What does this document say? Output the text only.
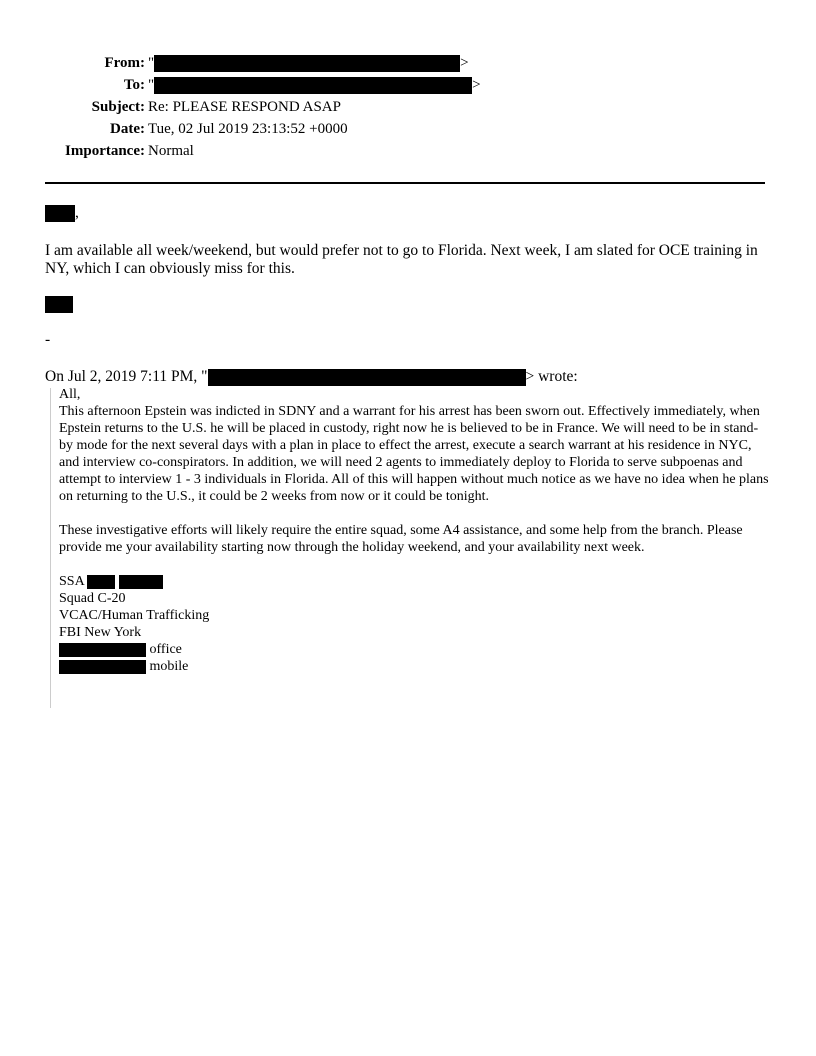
From: "	>
To: "	>
Subject: Re: PLEASE RESPOND ASAP
Date: Tue, 02 Jul 2019 23:13:52 +0000
Importance: Normal
,
I am available all week/weekend, but would prefer not to go to Florida. Next week, I am slated for OCE training in NY, which I can obviously miss for this.
-
On Jul 2, 2019 7:11 PM, "	> wrote:

All,

This afternoon Epstein was indicted in SDNY and a warrant for his arrest has been sworn out. Effectively immediately, when Epstein returns to the U.S. he will be placed in custody, right now he is believed to be in France. We will need to be in stand-by mode for the next several days with a plan in place to effect the arrest, execute a search warrant at his residence in NYC, and interview co-conspirators. In addition, we will need 2 agents to immediately deploy to Florida to serve subpoenas and attempt to interview 1 - 3 individuals in Florida. All of this will happen without much notice as we have no idea when he plans on returning to the U.S., it could be 2 weeks from now or it could be tonight.

These investigative efforts will likely require the entire squad, some A4 assistance, and some help from the branch. Please provide me your availability starting now through the holiday weekend, and your availability next week.

SSA
Squad C-20
VCAC/Human Trafficking
FBI New York
office
mobile
